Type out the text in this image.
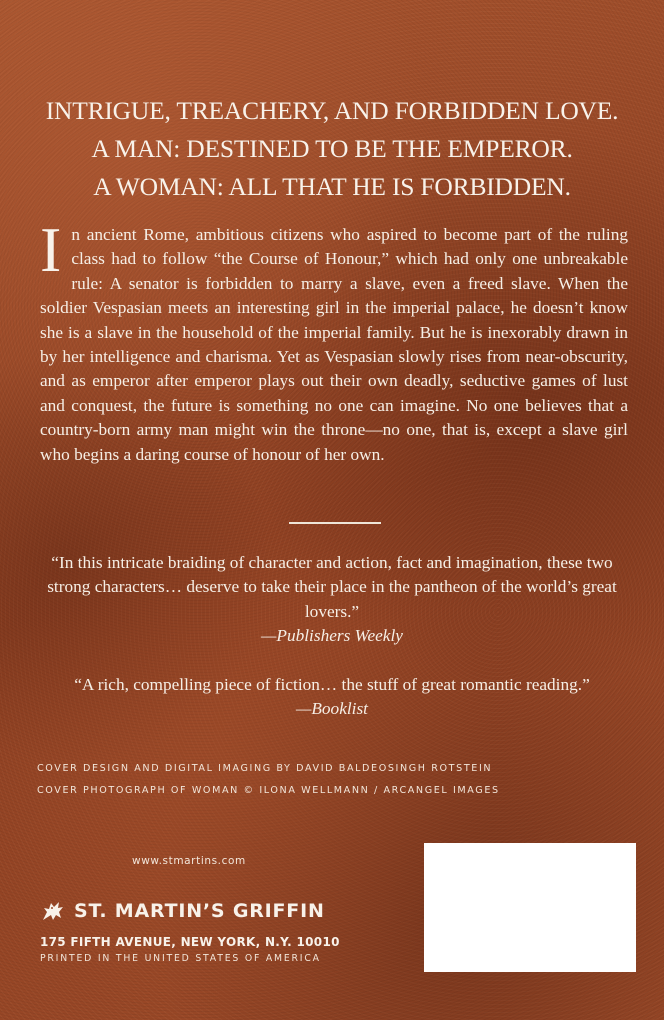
INTRIGUE, TREACHERY, AND FORBIDDEN LOVE.
A MAN: DESTINED TO BE THE EMPEROR.
A WOMAN: ALL THAT HE IS FORBIDDEN.
In ancient Rome, ambitious citizens who aspired to become part of the ruling class had to follow “the Course of Honour,” which had only one unbreakable rule: A senator is forbidden to marry a slave, even a freed slave. When the soldier Vespasian meets an interesting girl in the imperial palace, he doesn’t know she is a slave in the household of the imperial family. But he is inexorably drawn in by her intelligence and charisma. Yet as Vespasian slowly rises from near-obscurity, and as emperor after emperor plays out their own deadly, seductive games of lust and conquest, the future is something no one can imagine. No one believes that a country-born army man might win the throne—no one, that is, except a slave girl who begins a daring course of honour of her own.
“In this intricate braiding of character and action, fact and imagination, these two strong characters… deserve to take their place in the pantheon of the world’s great lovers.”
—Publishers Weekly
“A rich, compelling piece of fiction… the stuff of great romantic reading.”
—Booklist
COVER DESIGN AND DIGITAL IMAGING BY DAVID BALDEOSINGH ROTSTEIN
COVER PHOTOGRAPH OF WOMAN © ILONA WELLMANN / ARCANGEL IMAGES
www.stmartins.com
ST. MARTIN’S GRIFFIN
175 FIFTH AVENUE, NEW YORK, N.Y. 10010
PRINTED IN THE UNITED STATES OF AMERICA
